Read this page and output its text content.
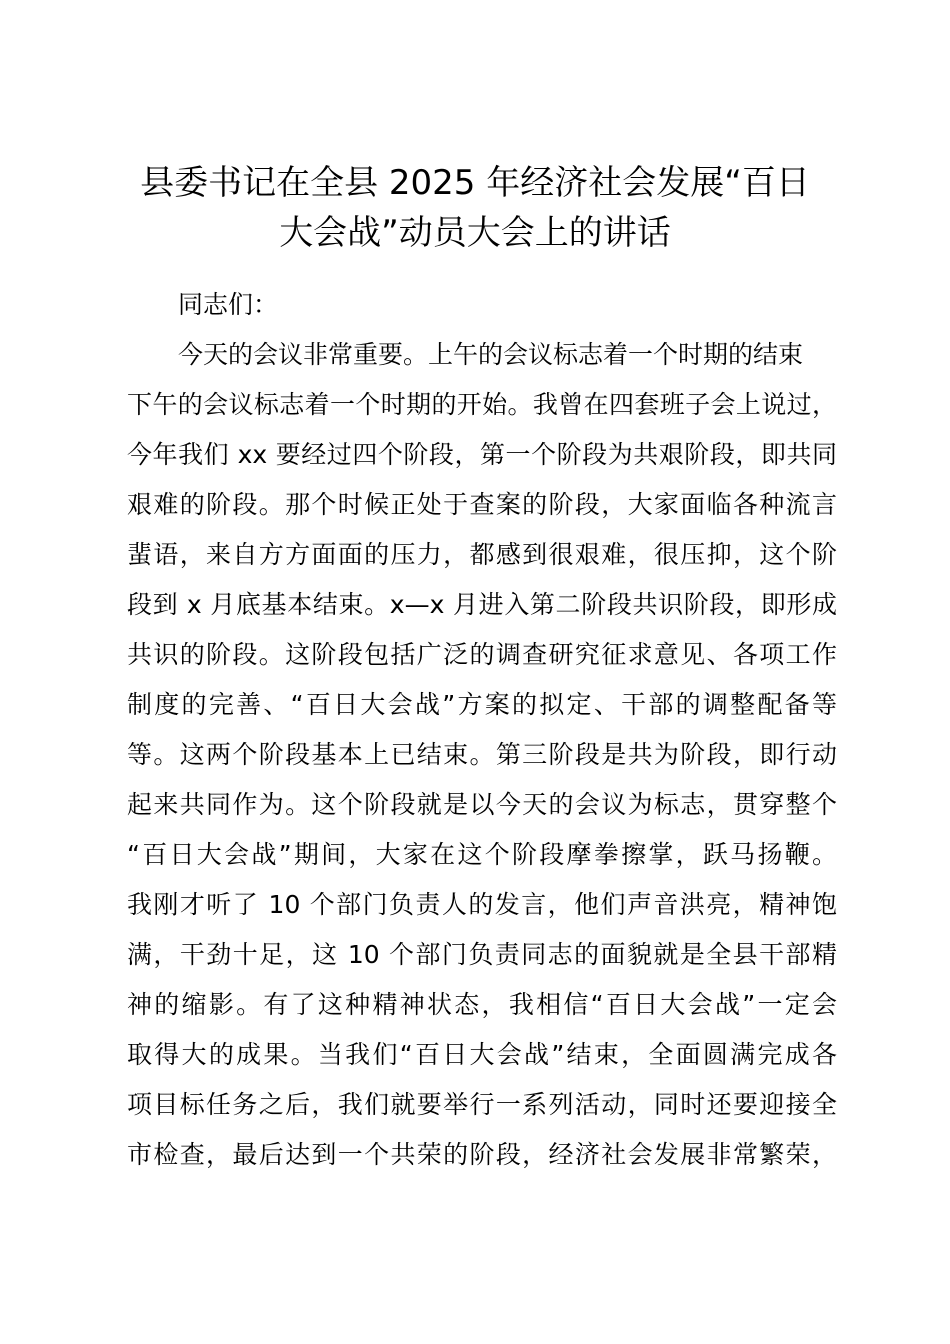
县委书记在全县 2025 年经济社会发展“百日
大会战”动员大会上的讲话
同志们：
今天的会议非常重要。上午的会议标志着一个时期的结束
下午的会议标志着一个时期的开始。我曾在四套班子会上说过，
今年我们 xx 要经过四个阶段，第一个阶段为共艰阶段，即共同
艰难的阶段。那个时候正处于查案的阶段，大家面临各种流言
蜚语，来自方方面面的压力，都感到很艰难，很压抑，这个阶
段到 x 月底基本结束。x—x 月进入第二阶段共识阶段，即形成
共识的阶段。这阶段包括广泛的调查研究征求意见、各项工作
制度的完善、“百日大会战”方案的拟定、干部的调整配备等
等。这两个阶段基本上已结束。第三阶段是共为阶段，即行动
起来共同作为。这个阶段就是以今天的会议为标志，贯穿整个
“百日大会战”期间，大家在这个阶段摩拳擦掌，跃马扬鞭。
我刚才听了 10 个部门负责人的发言，他们声音洪亮，精神饱
满，干劲十足，这 10 个部门负责同志的面貌就是全县干部精
神的缩影。有了这种精神状态，我相信“百日大会战”一定会
取得大的成果。当我们“百日大会战”结束，全面圆满完成各
项目标任务之后，我们就要举行一系列活动，同时还要迎接全
市检查，最后达到一个共荣的阶段，经济社会发展非常繁荣，
